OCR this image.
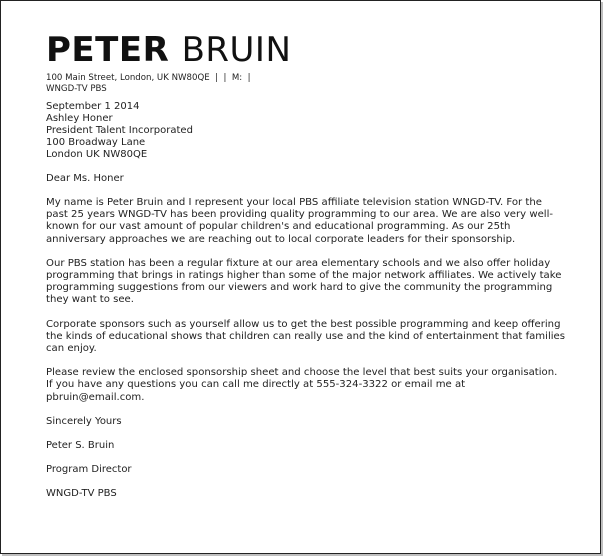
PETER BRUIN
100 Main Street, London, UK NW80QE  |  |  M:  |
WNGD-TV PBS
September 1 2014
Ashley Honer
President Talent Incorporated
100 Broadway Lane
London UK NW80QE
Dear Ms. Honer

My name is Peter Bruin and I represent your local PBS affiliate television station WNGD-TV. For the past 25 years WNGD-TV has been providing quality programming to our area. We are also very well-known for our vast amount of popular children's and educational programming. As our 25th anniversary approaches we are reaching out to local corporate leaders for their sponsorship.

Our PBS station has been a regular fixture at our area elementary schools and we also offer holiday programming that brings in ratings higher than some of the major network affiliates. We actively take programming suggestions from our viewers and work hard to give the community the programming they want to see.

Corporate sponsors such as yourself allow us to get the best possible programming and keep offering the kinds of educational shows that children can really use and the kind of entertainment that families can enjoy.

Please review the enclosed sponsorship sheet and choose the level that best suits your organisation. If you have any questions you can call me directly at 555-324-3322 or email me at pbruin@email.com.

Sincerely Yours
Peter S. Bruin
Program Director
WNGD-TV PBS
